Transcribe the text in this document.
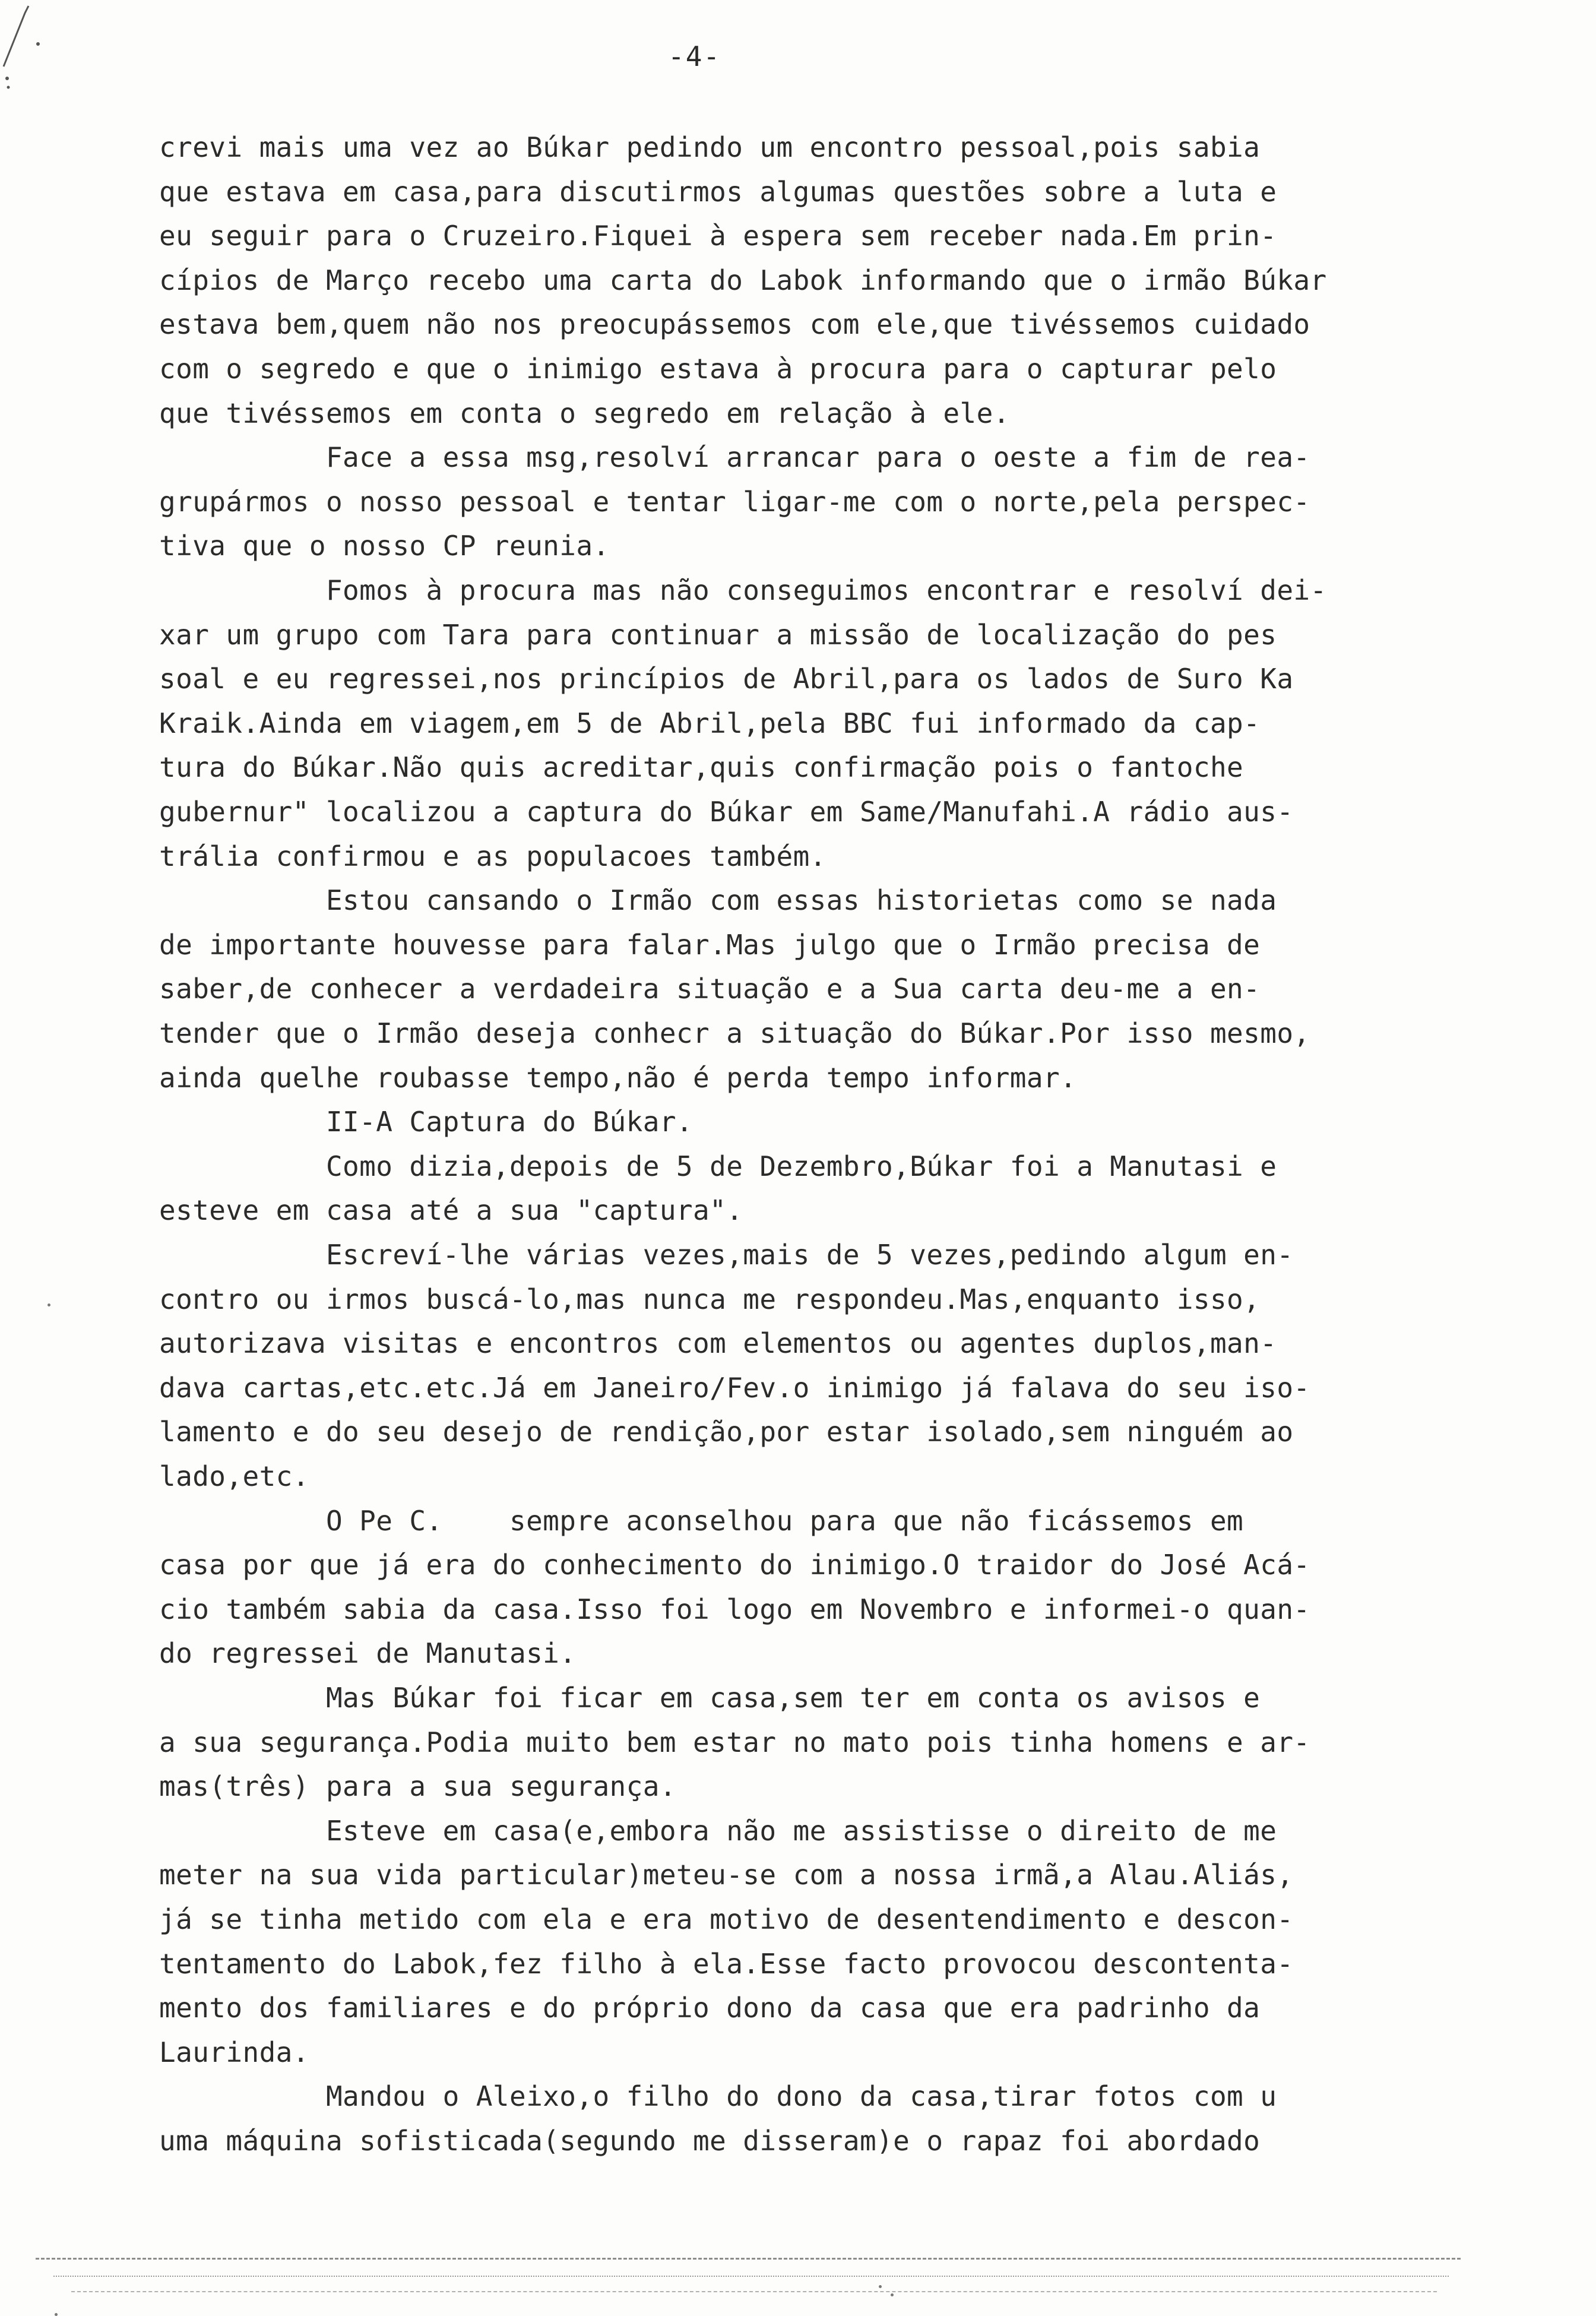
-4-
crevi mais uma vez ao Búkar pedindo um encontro pessoal,pois sabia
que estava em casa,para discutirmos algumas questões sobre a luta e
eu seguir para o Cruzeiro.Fiquei à espera sem receber nada.Em prin-
cípios de Março recebo uma carta do Labok informando que o irmão Búkar
estava bem,quem não nos preocupássemos com ele,que tivéssemos cuidado
com o segredo e que o inimigo estava à procura para o capturar pelo
que tivéssemos em conta o segredo em relação à ele.
Face a essa msg,resolví arrancar para o oeste a fim de rea-
grupármos o nosso pessoal e tentar ligar-me com o norte,pela perspec-
tiva que o nosso CP reunia.
Fomos à procura mas não conseguimos encontrar e resolví dei-
xar um grupo com Tara para continuar a missão de localização do pes
soal e eu regressei,nos princípios de Abril,para os lados de Suro Ka
Kraik.Ainda em viagem,em 5 de Abril,pela BBC fui informado da cap-
tura do Búkar.Não quis acreditar,quis confirmação pois o fantoche
gubernur" localizou a captura do Búkar em Same/Manufahi.A rádio aus-
trália confirmou e as populacoes também.
Estou cansando o Irmão com essas historietas como se nada
de importante houvesse para falar.Mas julgo que o Irmão precisa de
saber,de conhecer a verdadeira situação e a Sua carta deu-me a en-
tender que o Irmão deseja conhecr a situação do Búkar.Por isso mesmo,
ainda quelhe roubasse tempo,não é perda tempo informar.
II-A Captura do Búkar.
Como dizia,depois de 5 de Dezembro,Búkar foi a Manutasi e
esteve em casa até a sua "captura".
Escreví-lhe várias vezes,mais de 5 vezes,pedindo algum en-
contro ou irmos buscá-lo,mas nunca me respondeu.Mas,enquanto isso,
autorizava visitas e encontros com elementos ou agentes duplos,man-
dava cartas,etc.etc.Já em Janeiro/Fev.o inimigo já falava do seu iso-
lamento e do seu desejo de rendição,por estar isolado,sem ninguém ao
lado,etc.
O Pe C.    sempre aconselhou para que não ficássemos em
casa por que já era do conhecimento do inimigo.O traidor do José Acá-
cio também sabia da casa.Isso foi logo em Novembro e informei-o quan-
do regressei de Manutasi.
Mas Búkar foi ficar em casa,sem ter em conta os avisos e
a sua segurança.Podia muito bem estar no mato pois tinha homens e ar-
mas(três) para a sua segurança.
Esteve em casa(e,embora não me assistisse o direito de me
meter na sua vida particular)meteu-se com a nossa irmã,a Alau.Aliás,
já se tinha metido com ela e era motivo de desentendimento e descon-
tentamento do Labok,fez filho à ela.Esse facto provocou descontenta-
mento dos familiares e do próprio dono da casa que era padrinho da
Laurinda.
Mandou o Aleixo,o filho do dono da casa,tirar fotos com u
uma máquina sofisticada(segundo me disseram)e o rapaz foi abordado
